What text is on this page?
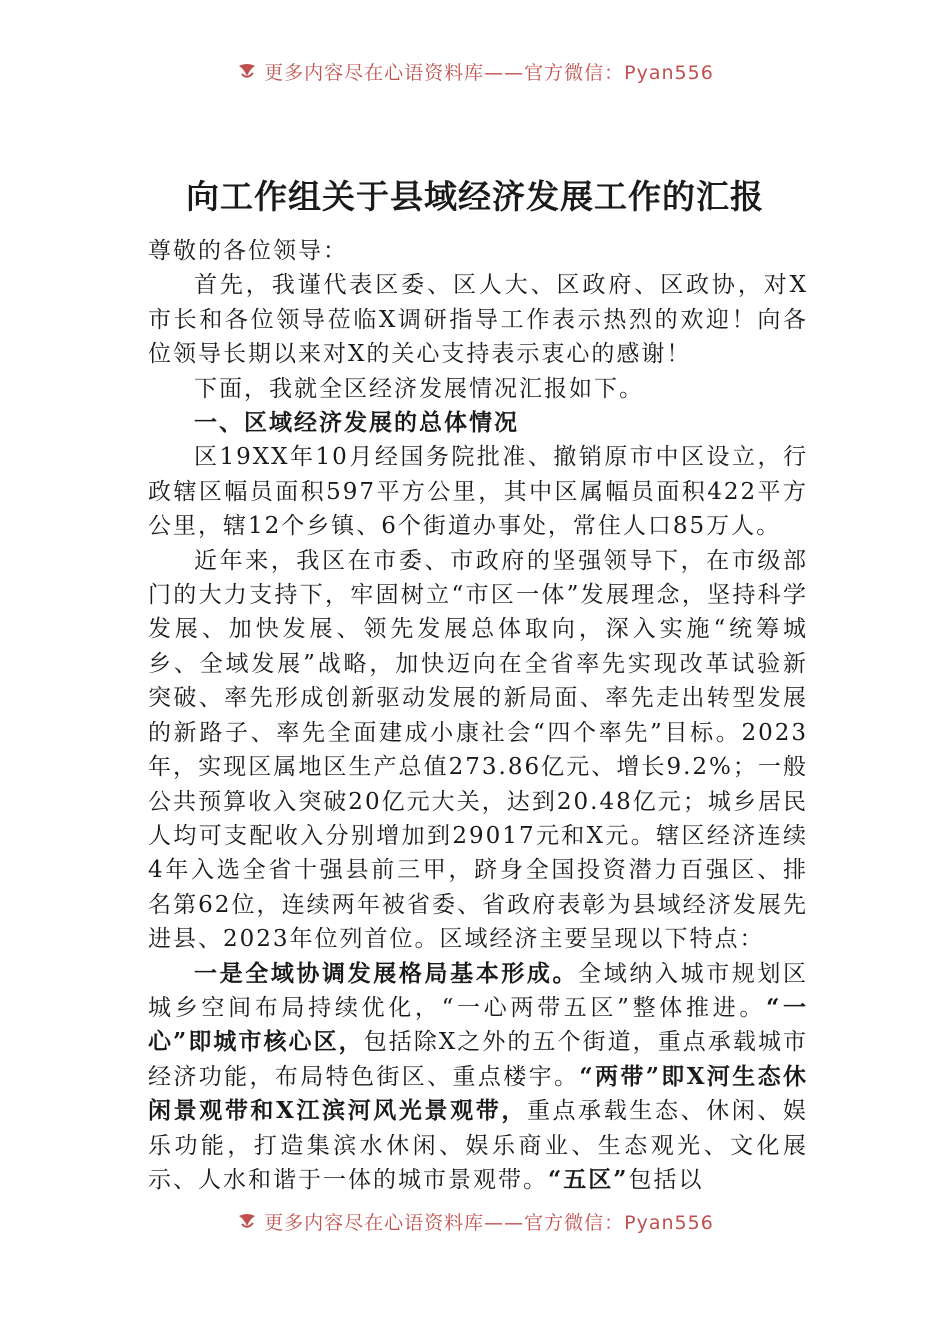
更多内容尽在心语资料库——官方微信：Pyan556
向工作组关于县域经济发展工作的汇报

尊敬的各位领导：

首先，我谨代表区委、区人大、区政府、区政协，对X市长和各位领导莅临X调研指导工作表示热烈的欢迎！向各位领导长期以来对X的关心支持表示衷心的感谢！

下面，我就全区经济发展情况汇报如下。

一、区域经济发展的总体情况

区19XX年10月经国务院批准、撤销原市中区设立，行政辖区幅员面积597平方公里，其中区属幅员面积422平方公里，辖12个乡镇、6个街道办事处，常住人口85万人。

近年来，我区在市委、市政府的坚强领导下，在市级部门的大力支持下，牢固树立“市区一体”发展理念，坚持科学发展、加快发展、领先发展总体取向，深入实施“统筹城乡、全域发展”战略，加快迈向在全省率先实现改革试验新突破、率先形成创新驱动发展的新局面、率先走出转型发展的新路子、率先全面建成小康社会“四个率先”目标。2023年，实现区属地区生产总值273.86亿元、增长9.2%；一般公共预算收入突破20亿元大关，达到20.48亿元；城乡居民人均可支配收入分别增加到29017元和X元。辖区经济连续4年入选全省十强县前三甲，跻身全国投资潜力百强区、排名第62位，连续两年被省委、省政府表彰为县域经济发展先进县、2023年位列首位。区域经济主要呈现以下特点：

一是全域协调发展格局基本形成。全域纳入城市规划区城乡空间布局持续优化，“一心两带五区”整体推进。“一心”即城市核心区，包括除X之外的五个街道，重点承载城市经济功能，布局特色街区、重点楼宇。“两带”即X河生态休闲景观带和X江滨河风光景观带，重点承载生态、休闲、娱乐功能，打造集滨水休闲、娱乐商业、生态观光、文化展示、人水和谐于一体的城市景观带。“五区”包括以

更多内容尽在心语资料库——官方微信：Pyan556
